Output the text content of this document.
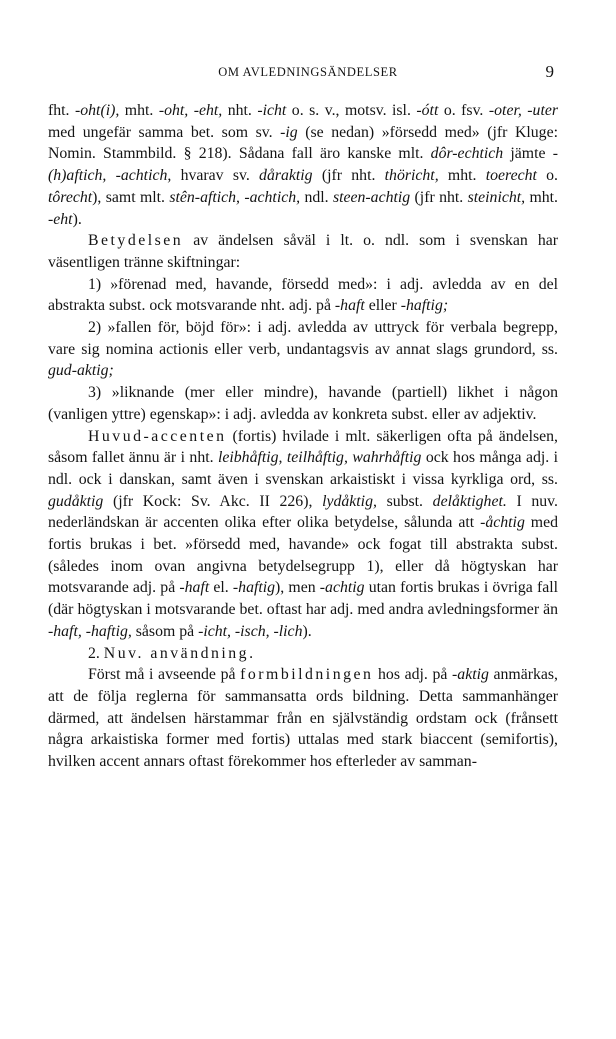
OM AVLEDNINGSÄNDELSER	9

fht. -oht(i), mht. -oht, -eht, nht. -icht o. s. v., motsv. isl. -ótt o. fsv. -oter, -uter med ungefär samma bet. som sv. -ig (se nedan) »försedd med» (jfr Kluge: Nomin. Stammbild. § 218). Sådana fall äro kanske mlt. dôr-echtich jämte -(h)aftich, -achtich, hvarav sv. dåraktig (jfr nht. thöricht, mht. toerecht o. tôrecht), samt mlt. stên-aftich, -achtich, ndl. steen-achtig (jfr nht. steinicht, mht. -eht).

Betydelsen av ändelsen såväl i lt. o. ndl. som i svenskan har väsentligen tränne skiftningar:

1) »förenad med, havande, försedd med»: i adj. avledda av en del abstrakta subst. ock motsvarande nht. adj. på -haft eller -haftig;

2) »fallen för, böjd för»: i adj. avledda av uttryck för verbala begrepp, vare sig nomina actionis eller verb, undantagsvis av annat slags grundord, ss. gud-aktig;

3) »liknande (mer eller mindre), havande (partiell) likhet i någon (vanligen yttre) egenskap»: i adj. avledda av konkreta subst. eller av adjektiv.

Huvud-accenten (fortis) hvilade i mlt. säkerligen ofta på ändelsen, såsom fallet ännu är i nht. leibhåftig, teilhåftig, wahrhåftig ock hos många adj. i ndl. ock i danskan, samt även i svenskan arkaistiskt i vissa kyrkliga ord, ss. gudåktig (jfr Kock: Sv. Akc. II 226), lydåktig, subst. delåktighet. I nuv. nederländskan är accenten olika efter olika betydelse, sålunda att -åchtig med fortis brukas i bet. »försedd med, havande» ock fogat till abstrakta subst. (således inom ovan angivna betydelsegrupp 1), eller då högtyskan har motsvarande adj. på -haft el. -haftig), men -achtig utan fortis brukas i övriga fall (där högtyskan i motsvarande bet. oftast har adj. med andra avledningsformer än -haft, -haftig, såsom på -icht, -isch, -lich).

2. Nuv. användning.

Först må i avseende på formbildningen hos adj. på -aktig anmärkas, att de följa reglerna för sammansatta ords bildning. Detta sammanhänger därmed, att ändelsen härstammar från en självständig ordstam ock (frånsett några arkaistiska former med fortis) uttalas med stark biaccent (semifortis), hvilken accent annars oftast förekommer hos efterleder av samman-
